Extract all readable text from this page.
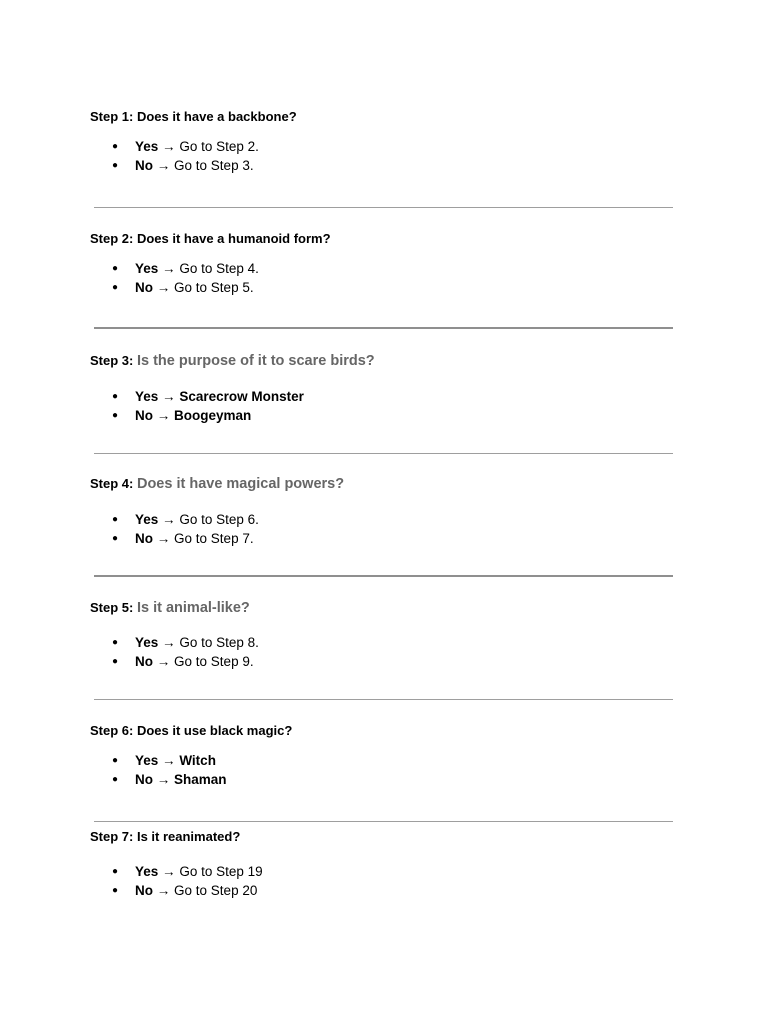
Step 1: Does it have a backbone?

● Yes → Go to Step 2.
● No → Go to Step 3.

Step 2: Does it have a humanoid form?

● Yes → Go to Step 4.
● No → Go to Step 5.

Step 3: Is the purpose of it to scare birds?

● Yes → Scarecrow Monster
● No → Boogeyman

Step 4: Does it have magical powers?

● Yes → Go to Step 6.
● No → Go to Step 7.

Step 5: Is it animal-like?

● Yes → Go to Step 8.
● No → Go to Step 9.

Step 6: Does it use black magic?

● Yes → Witch
● No → Shaman

Step 7: Is it reanimated?

● Yes → Go to Step 19
● No → Go to Step 20
